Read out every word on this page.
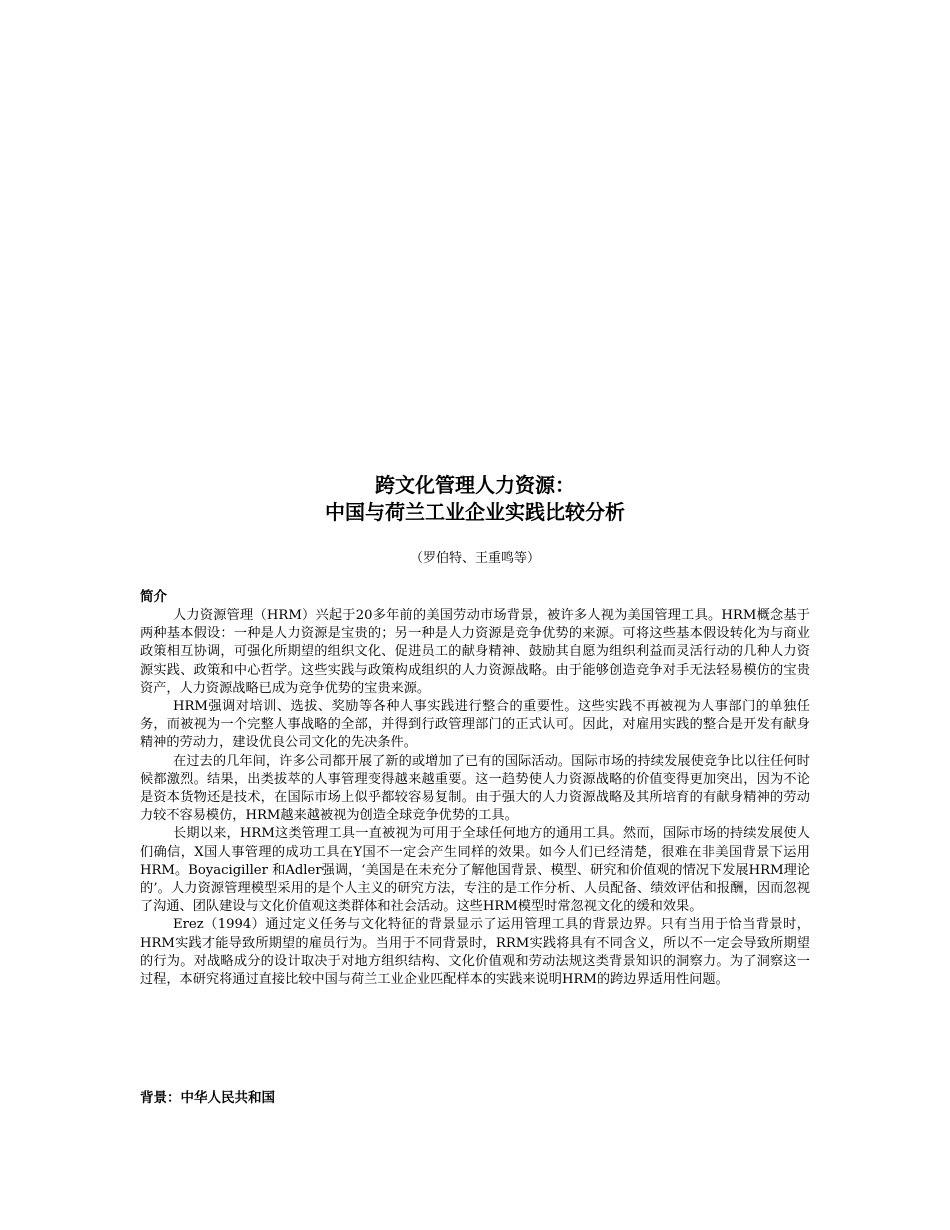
跨文化管理人力资源：
中国与荷兰工业企业实践比较分析
（罗伯特、王重鸣等）
简介

人力资源管理（HRM）兴起于20多年前的美国劳动市场背景，被许多人视为美国管理工具。HRM概念基于两种基本假设：一种是人力资源是宝贵的；另一种是人力资源是竞争优势的来源。可将这些基本假设转化为与商业政策相互协调，可强化所期望的组织文化、促进员工的献身精神、鼓励其自愿为组织利益而灵活行动的几种人力资源实践、政策和中心哲学。这些实践与政策构成组织的人力资源战略。由于能够创造竞争对手无法轻易模仿的宝贵资产，人力资源战略已成为竞争优势的宝贵来源。

HRM强调对培训、选拔、奖励等各种人事实践进行整合的重要性。这些实践不再被视为人事部门的单独任务，而被视为一个完整人事战略的全部，并得到行政管理部门的正式认可。因此，对雇用实践的整合是开发有献身精神的劳动力，建设优良公司文化的先决条件。

在过去的几年间，许多公司都开展了新的或增加了已有的国际活动。国际市场的持续发展使竞争比以往任何时候都激烈。结果，出类拔萃的人事管理变得越来越重要。这一趋势使人力资源战略的价值变得更加突出，因为不论是资本货物还是技术，在国际市场上似乎都较容易复制。由于强大的人力资源战略及其所培育的有献身精神的劳动力较不容易模仿，HRM越来越被视为创造全球竞争优势的工具。

长期以来，HRM这类管理工具一直被视为可用于全球任何地方的通用工具。然而，国际市场的持续发展使人们确信，X国人事管理的成功工具在Y国不一定会产生同样的效果。如今人们已经清楚，很难在非美国背景下运用HRM。Boyacigiller 和Adler强调，‘美国是在未充分了解他国背景、模型、研究和价值观的情况下发展HRM理论的’。人力资源管理模型采用的是个人主义的研究方法，专注的是工作分析、人员配备、绩效评估和报酬，因而忽视了沟通、团队建设与文化价值观这类群体和社会活动。这些HRM模型时常忽视文化的缓和效果。

Erez（1994）通过定义任务与文化特征的背景显示了运用管理工具的背景边界。只有当用于恰当背景时，HRM实践才能导致所期望的雇员行为。当用于不同背景时，RRM实践将具有不同含义，所以不一定会导致所期望的行为。对战略成分的设计取决于对地方组织结构、文化价值观和劳动法规这类背景知识的洞察力。为了洞察这一过程，本研究将通过直接比较中国与荷兰工业企业匹配样本的实践来说明HRM的跨边界适用性问题。

背景：中华人民共和国
